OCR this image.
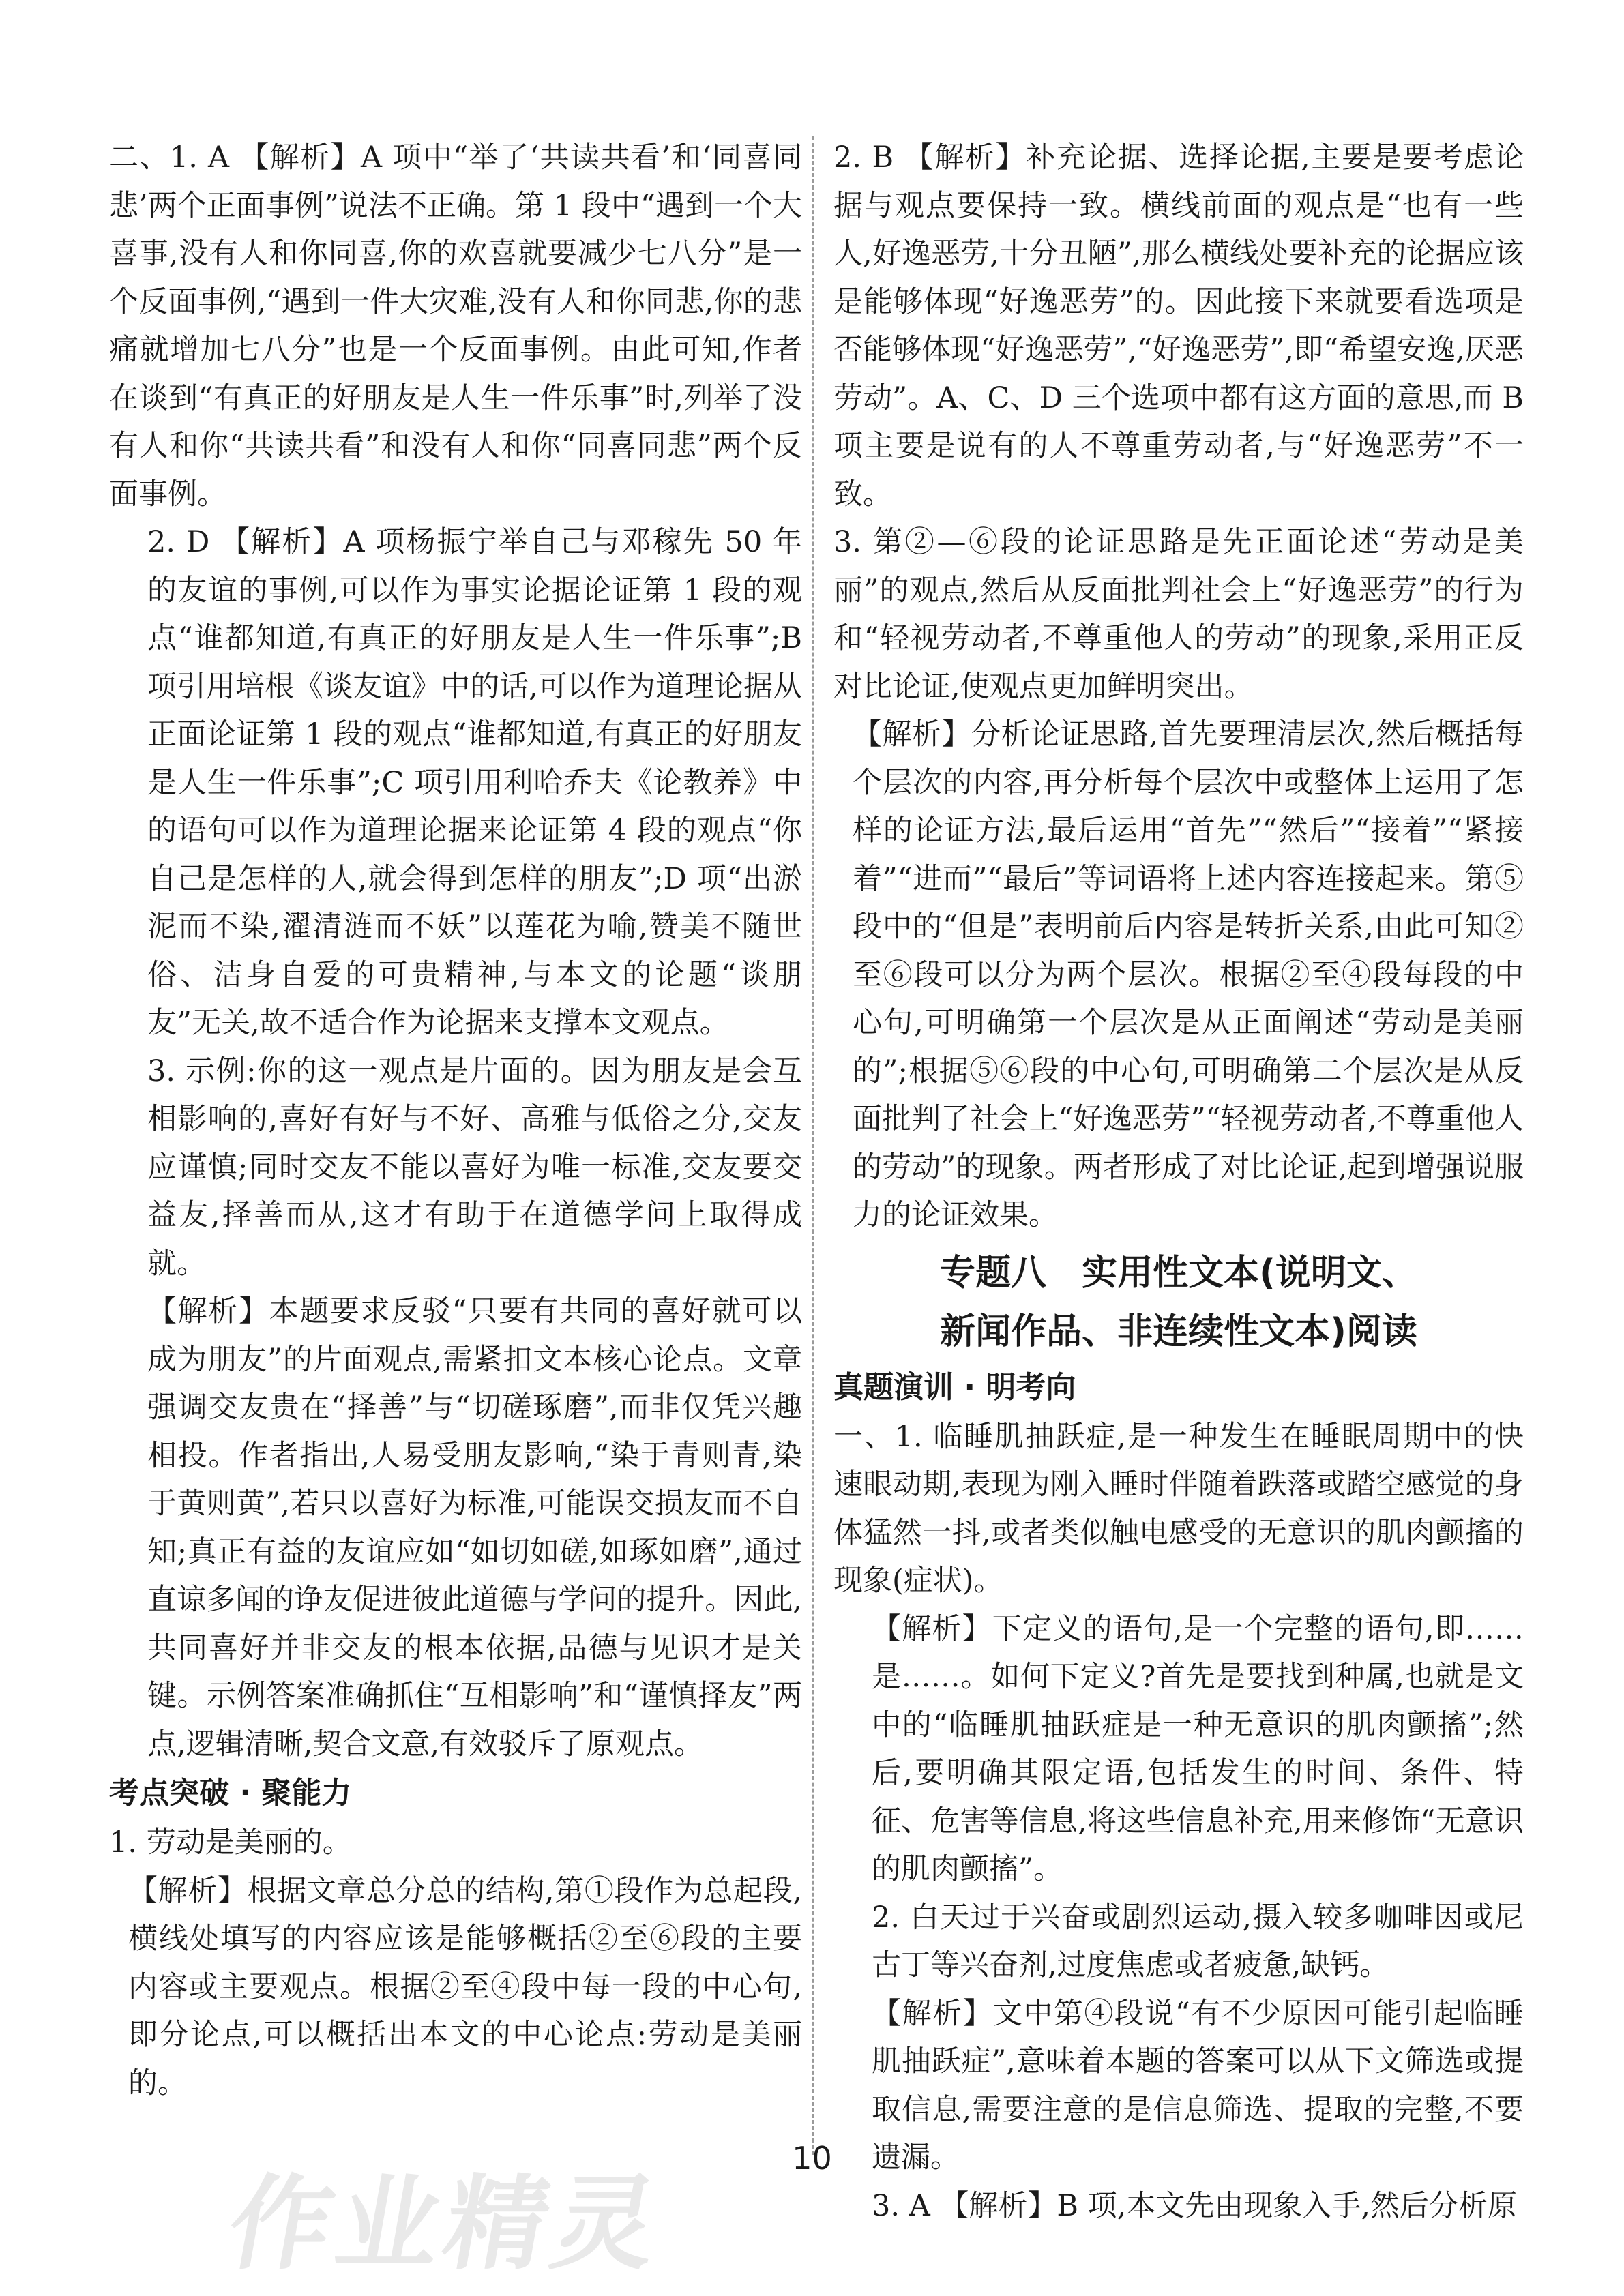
二、1. A 【解析】A 项中“举了‘共读共看’和‘同喜同悲’两个正面事例”说法不正确。第 1 段中“遇到一个大喜事,没有人和你同喜,你的欢喜就要减少七八分”是一个反面事例,“遇到一件大灾难,没有人和你同悲,你的悲痛就增加七八分”也是一个反面事例。由此可知,作者在谈到“有真正的好朋友是人生一件乐事”时,列举了没有人和你“共读共看”和没有人和你“同喜同悲”两个反面事例。

2. D 【解析】A 项杨振宁举自己与邓稼先 50 年的友谊的事例,可以作为事实论据论证第 1 段的观点“谁都知道,有真正的好朋友是人生一件乐事”;B 项引用培根《谈友谊》中的话,可以作为道理论据从正面论证第 1 段的观点“谁都知道,有真正的好朋友是人生一件乐事”;C 项引用利哈乔夫《论教养》中的语句可以作为道理论据来论证第 4 段的观点“你自己是怎样的人,就会得到怎样的朋友”;D 项“出淤泥而不染,濯清涟而不妖”以莲花为喻,赞美不随世俗、洁身自爱的可贵精神,与本文的论题“谈朋友”无关,故不适合作为论据来支撑本文观点。

3. 示例:你的这一观点是片面的。因为朋友是会互相影响的,喜好有好与不好、高雅与低俗之分,交友应谨慎;同时交友不能以喜好为唯一标准,交友要交益友,择善而从,这才有助于在道德学问上取得成就。

【解析】本题要求反驳“只要有共同的喜好就可以成为朋友”的片面观点,需紧扣文本核心论点。文章强调交友贵在“择善”与“切磋琢磨”,而非仅凭兴趣相投。作者指出,人易受朋友影响,“染于青则青,染于黄则黄”,若只以喜好为标准,可能误交损友而不自知;真正有益的友谊应如“如切如磋,如琢如磨”,通过直谅多闻的诤友促进彼此道德与学问的提升。因此,共同喜好并非交友的根本依据,品德与见识才是关键。示例答案准确抓住“互相影响”和“谨慎择友”两点,逻辑清晰,契合文意,有效驳斥了原观点。

考点突破 · 聚能力

1. 劳动是美丽的。

【解析】根据文章总分总的结构,第①段作为总起段,横线处填写的内容应该是能够概括②至⑥段的主要内容或主要观点。根据②至④段中每一段的中心句,即分论点,可以概括出本文的中心论点:劳动是美丽的。

2. B 【解析】补充论据、选择论据,主要是要考虑论据与观点要保持一致。横线前面的观点是“也有一些人,好逸恶劳,十分丑陋”,那么横线处要补充的论据应该是能够体现“好逸恶劳”的。因此接下来就要看选项是否能够体现“好逸恶劳”,“好逸恶劳”,即“希望安逸,厌恶劳动”。A、C、D 三个选项中都有这方面的意思,而 B 项主要是说有的人不尊重劳动者,与“好逸恶劳”不一致。

3. 第②—⑥段的论证思路是先正面论述“劳动是美丽”的观点,然后从反面批判社会上“好逸恶劳”的行为和“轻视劳动者,不尊重他人的劳动”的现象,采用正反对比论证,使观点更加鲜明突出。

【解析】分析论证思路,首先要理清层次,然后概括每个层次的内容,再分析每个层次中或整体上运用了怎样的论证方法,最后运用“首先”“然后”“接着”“紧接着”“进而”“最后”等词语将上述内容连接起来。第⑤段中的“但是”表明前后内容是转折关系,由此可知②至⑥段可以分为两个层次。根据②至④段每段的中心句,可明确第一个层次是从正面阐述“劳动是美丽的”;根据⑤⑥段的中心句,可明确第二个层次是从反面批判了社会上“好逸恶劳”“轻视劳动者,不尊重他人的劳动”的现象。两者形成了对比论证,起到增强说服力的论证效果。

专题八　实用性文本(说明文、
新闻作品、非连续性文本)阅读
真题演训 · 明考向

一、1. 临睡肌抽跃症,是一种发生在睡眠周期中的快速眼动期,表现为刚入睡时伴随着跌落或踏空感觉的身体猛然一抖,或者类似触电感受的无意识的肌肉颤搐的现象(症状)。

【解析】下定义的语句,是一个完整的语句,即……是……。如何下定义?首先是要找到种属,也就是文中的“临睡肌抽跃症是一种无意识的肌肉颤搐”;然后,要明确其限定语,包括发生的时间、条件、特征、危害等信息,将这些信息补充,用来修饰“无意识的肌肉颤搐”。

2. 白天过于兴奋或剧烈运动,摄入较多咖啡因或尼古丁等兴奋剂,过度焦虑或者疲惫,缺钙。

【解析】文中第④段说“有不少原因可能引起临睡肌抽跃症”,意味着本题的答案可以从下文筛选或提取信息,需要注意的是信息筛选、提取的完整,不要遗漏。

3. A 【解析】B 项,本文先由现象入手,然后分析原

10
作业精灵
